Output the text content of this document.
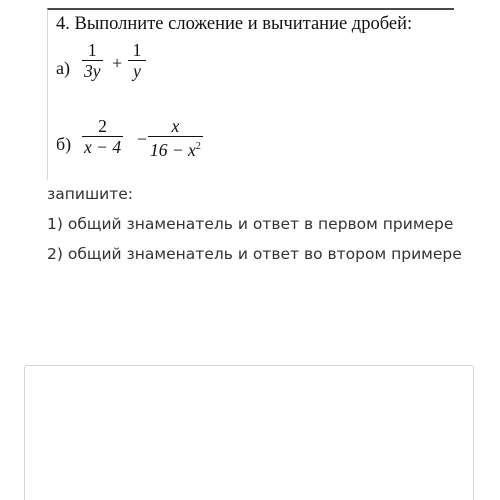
4. Выполните сложение и вычитание дробей:
$а) \frac{1}{3y} + \frac{1}{y}$
$б) \frac{2}{x - 4} - \frac{x}{16 - x^2}$

запишите:

1) общий знаменатель и ответ в первом примере

2) общий знаменатель и ответ во втором примере
